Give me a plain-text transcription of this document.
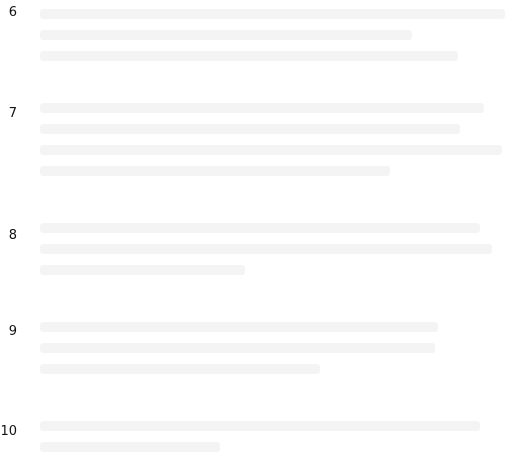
6
7
8
9
10
